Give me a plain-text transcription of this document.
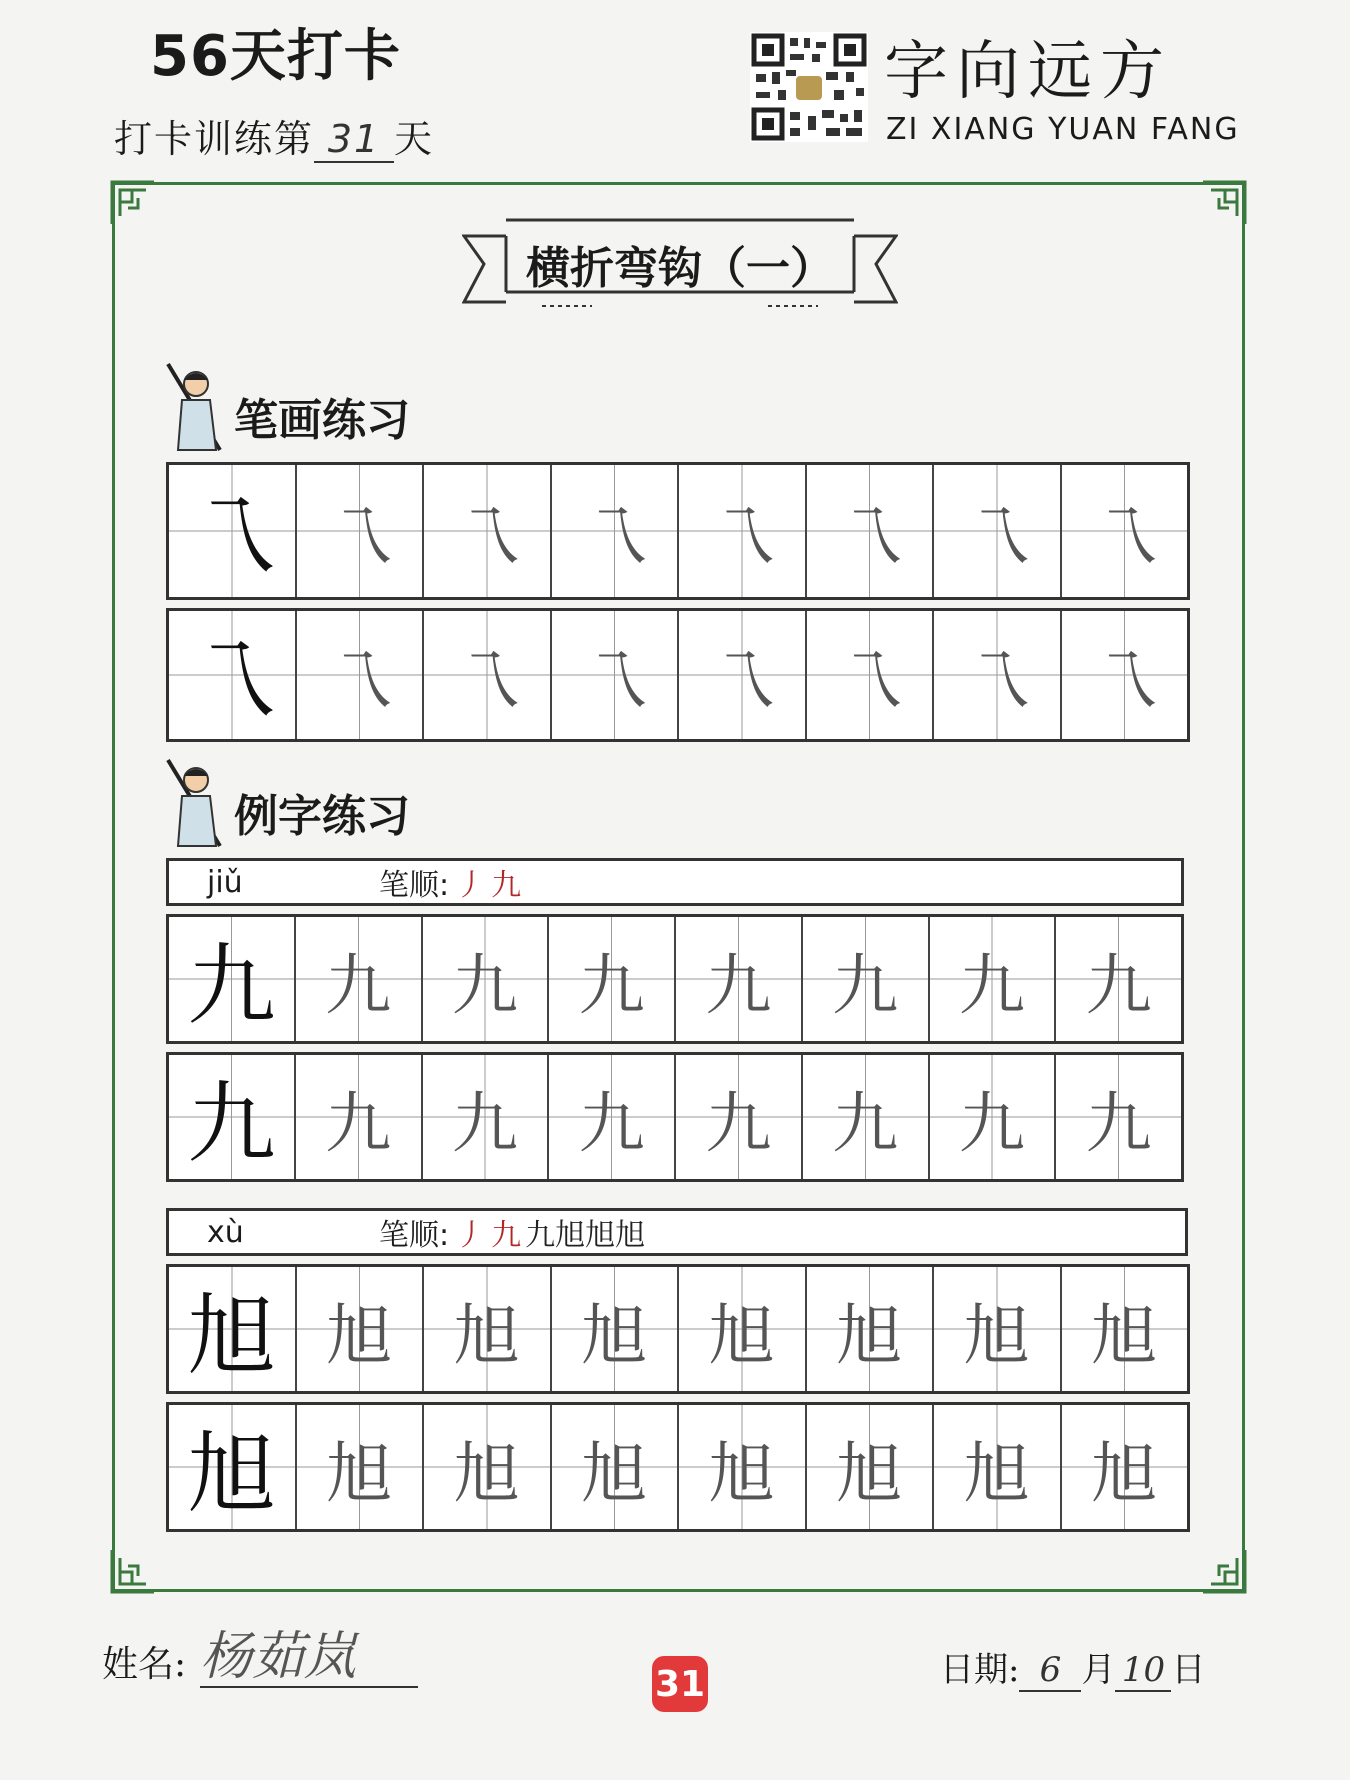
56天打卡
打卡训练第 31 天
字向远方
ZI XIANG YUAN FANG
横折弯钩（一）
笔画练习
乁 乁 乁 乁 乁 乁 乁 乁
乁 乁 乁 乁 乁 乁 乁 乁
例字练习
jiǔ	笔顺: 丿 九
九 九 九 九 九 九 九 九
九 九 九 九 九 九 九 九
xù	笔顺: 丿 九 九旭旭旭
旭 旭 旭 旭 旭 旭 旭 旭
旭 旭 旭 旭 旭 旭 旭 旭
姓名: 杨茹岚	31	日期: 6 月 10 日
